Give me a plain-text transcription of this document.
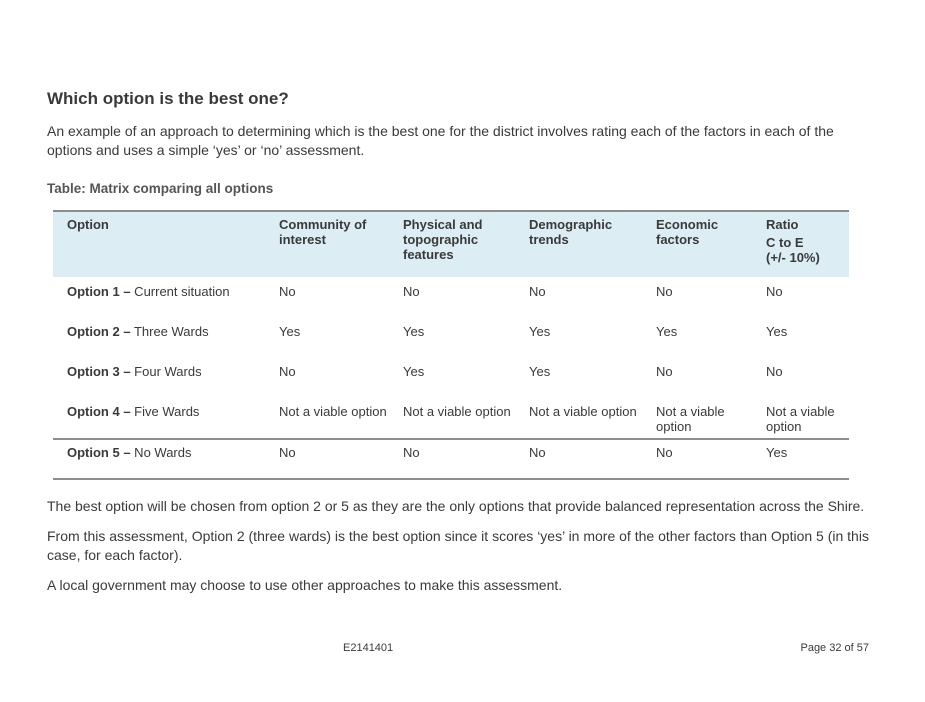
Which option is the best one?

An example of an approach to determining which is the best one for the district involves rating each of the factors in each of the options and uses a simple ‘yes’ or ‘no’ assessment.

Table: Matrix comparing all options

Option	Community of interest	Physical and topographic features	Demographic trends	Economic factors	Ratio
C to E
(+/- 10%)

Option 1 – Current situation	No	No	No	No	No
Option 2 – Three Wards	Yes	Yes	Yes	Yes	Yes
Option 3 – Four Wards	No	Yes	Yes	No	No
Option 4 – Five Wards	Not a viable option	Not a viable option	Not a viable option	Not a viable option	Not a viable option
Option 5 – No Wards	No	No	No	No	Yes

The best option will be chosen from option 2 or 5 as they are the only options that provide balanced representation across the Shire.

From this assessment, Option 2 (three wards) is the best option since it scores ‘yes’ in more of the other factors than Option 5 (in this case, for each factor).

A local government may choose to use other approaches to make this assessment.

E2141401	Page 32 of 57
